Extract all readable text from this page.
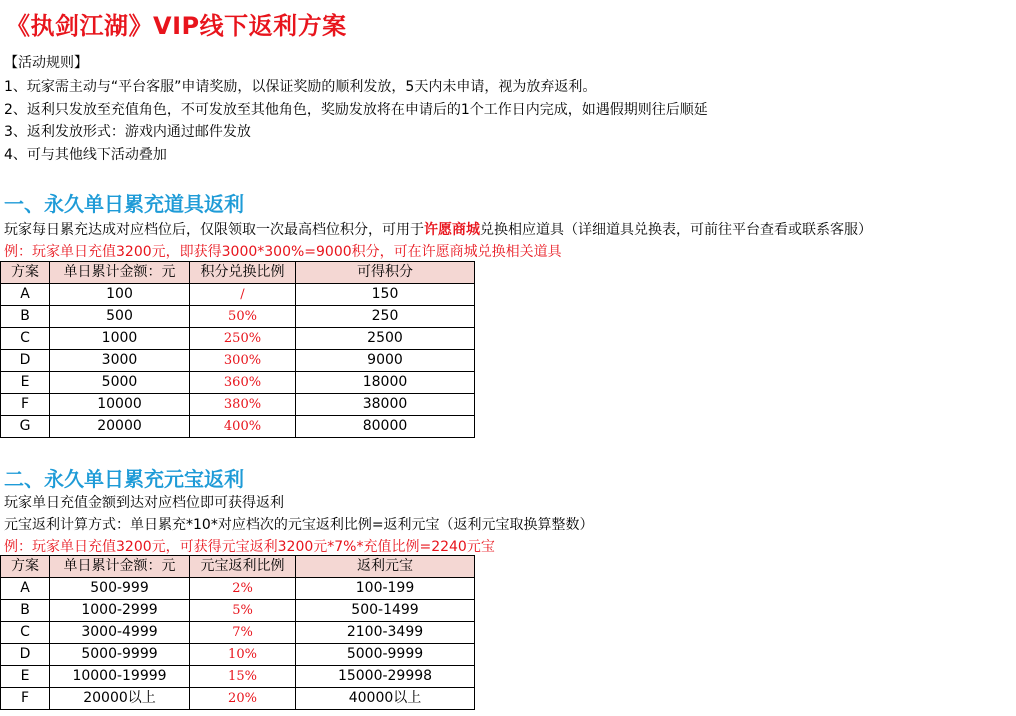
《执剑江湖》VIP线下返利方案
【活动规则】
1、玩家需主动与“平台客服”申请奖励，以保证奖励的顺利发放，5天内未申请，视为放弃返利。
2、返利只发放至充值角色，不可发放至其他角色，奖励发放将在申请后的1个工作日内完成，如遇假期则往后顺延
3、返利发放形式：游戏内通过邮件发放
4、可与其他线下活动叠加
一、永久单日累充道具返利
玩家每日累充达成对应档位后，仅限领取一次最高档位积分，可用于许愿商城兑换相应道具（详细道具兑换表，可前往平台查看或联系客服）
例：玩家单日充值3200元，即获得3000*300%=9000积分，可在许愿商城兑换相关道具
方案	单日累计金额：元	积分兑换比例	可得积分
A	100	/	150
B	500	50%	250
C	1000	250%	2500
D	3000	300%	9000
E	5000	360%	18000
F	10000	380%	38000
G	20000	400%	80000
二、永久单日累充元宝返利
玩家单日充值金额到达对应档位即可获得返利
元宝返利计算方式：单日累充*10*对应档次的元宝返利比例=返利元宝（返利元宝取换算整数）
例：玩家单日充值3200元，可获得元宝返利3200元*7%*充值比例=2240元宝
方案	单日累计金额：元	元宝返利比例	返利元宝
A	500-999	2%	100-199
B	1000-2999	5%	500-1499
C	3000-4999	7%	2100-3499
D	5000-9999	10%	5000-9999
E	10000-19999	15%	15000-29998
F	20000以上	20%	40000以上
